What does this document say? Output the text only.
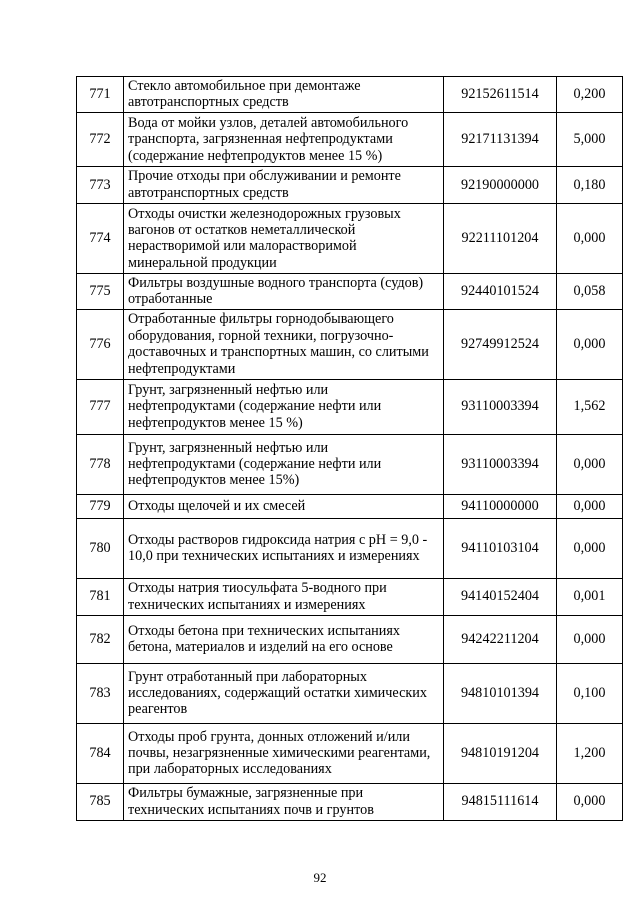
771	Стекло автомобильное при демонтаже автотранспортных средств	92152611514	0,200
772	Вода от мойки узлов, деталей автомобильного транспорта, загрязненная нефтепродуктами (содержание нефтепродуктов менее 15 %)	92171131394	5,000
773	Прочие отходы при обслуживании и ремонте автотранспортных средств	92190000000	0,180
774	Отходы очистки железнодорожных грузовых вагонов от остатков неметаллической нерастворимой или малорастворимой минеральной продукции	92211101204	0,000
775	Фильтры воздушные водного транспорта (судов) отработанные	92440101524	0,058
776	Отработанные фильтры горнодобывающего оборудования, горной техники, погрузочно-доставочных и транспортных машин, со слитыми нефтепродуктами	92749912524	0,000
777	Грунт, загрязненный нефтью или нефтепродуктами (содержание нефти или нефтепродуктов менее 15 %)	93110003394	1,562
778	Грунт, загрязненный нефтью или нефтепродуктами (содержание нефти или нефтепродуктов менее 15%)	93110003394	0,000
779	Отходы щелочей и их смесей	94110000000	0,000
780	Отходы растворов гидроксида натрия с pH = 9,0 - 10,0 при технических испытаниях и измерениях	94110103104	0,000
781	Отходы натрия тиосульфата 5-водного при технических испытаниях и измерениях	94140152404	0,001
782	Отходы бетона при технических испытаниях бетона, материалов и изделий на его основе	94242211204	0,000
783	Грунт отработанный при лабораторных исследованиях, содержащий остатки химических реагентов	94810101394	0,100
784	Отходы проб грунта, донных отложений и/или почвы, незагрязненные химическими реагентами, при лабораторных исследованиях	94810191204	1,200
785	Фильтры бумажные, загрязненные при технических испытаниях почв и грунтов	94815111614	0,000
92
